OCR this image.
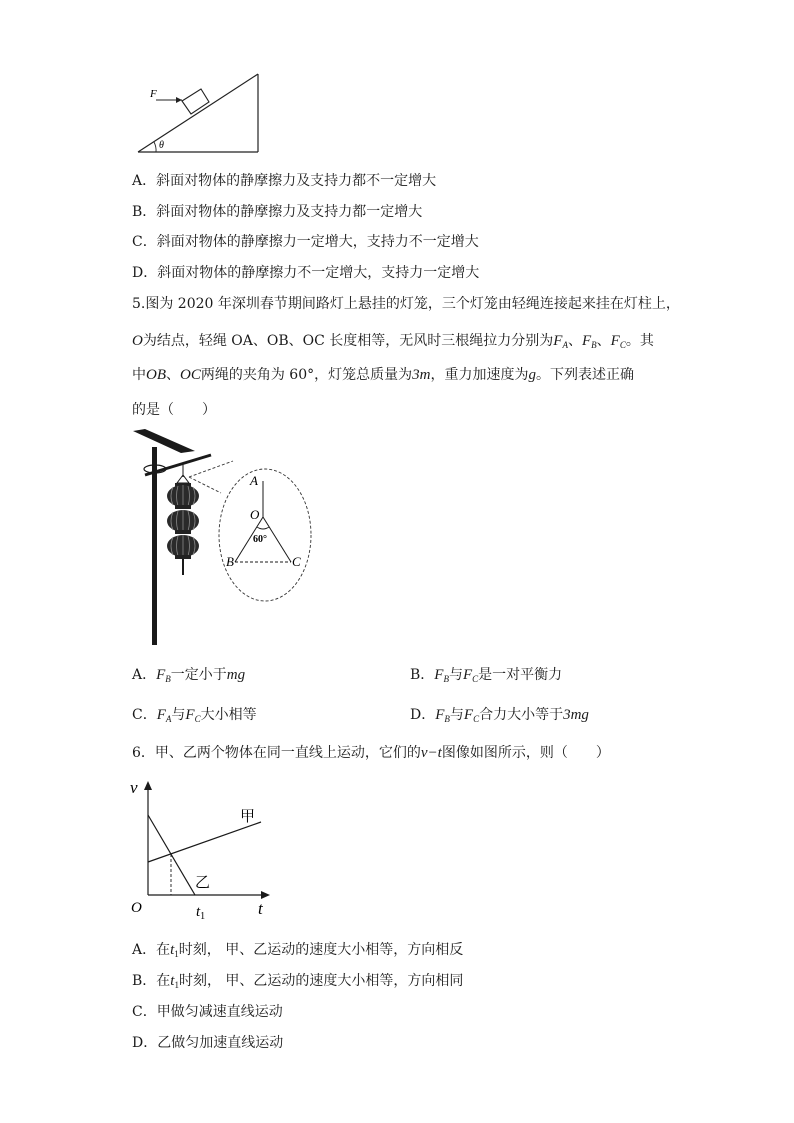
F
θ
A．斜面对物体的静摩擦力及支持力都不一定增大
B．斜面对物体的静摩擦力及支持力都一定增大
C．斜面对物体的静摩擦力一定增大，支持力不一定增大
D．斜面对物体的静摩擦力不一定增大，支持力一定增大
5.图为 2020 年深圳春节期间路灯上悬挂的灯笼，三个灯笼由轻绳连接起来挂在灯柱上，
O为结点，轻绳 OA、OB、OC 长度相等，无风时三根绳拉力分别为$F_A$、$F_B$、$F_C$。其
中OB、OC两绳的夹角为 60°，灯笼总质量为3m，重力加速度为g。下列表述正确
的是（　　）
A
O
60°
B	C
A．$F_B$一定小于mg	B．$F_B$与$F_C$是一对平衡力
C．$F_A$与$F_C$大小相等	D．$F_B$与$F_C$合力大小等于3mg
6．甲、乙两个物体在同一直线上运动，它们的v−t图像如图所示，则（　　）
v
t
O	$t_1$
甲
乙
A．在$t_1$时刻， 甲、乙运动的速度大小相等，方向相反
B．在$t_1$时刻， 甲、乙运动的速度大小相等，方向相同
C．甲做匀减速直线运动
D．乙做匀加速直线运动
